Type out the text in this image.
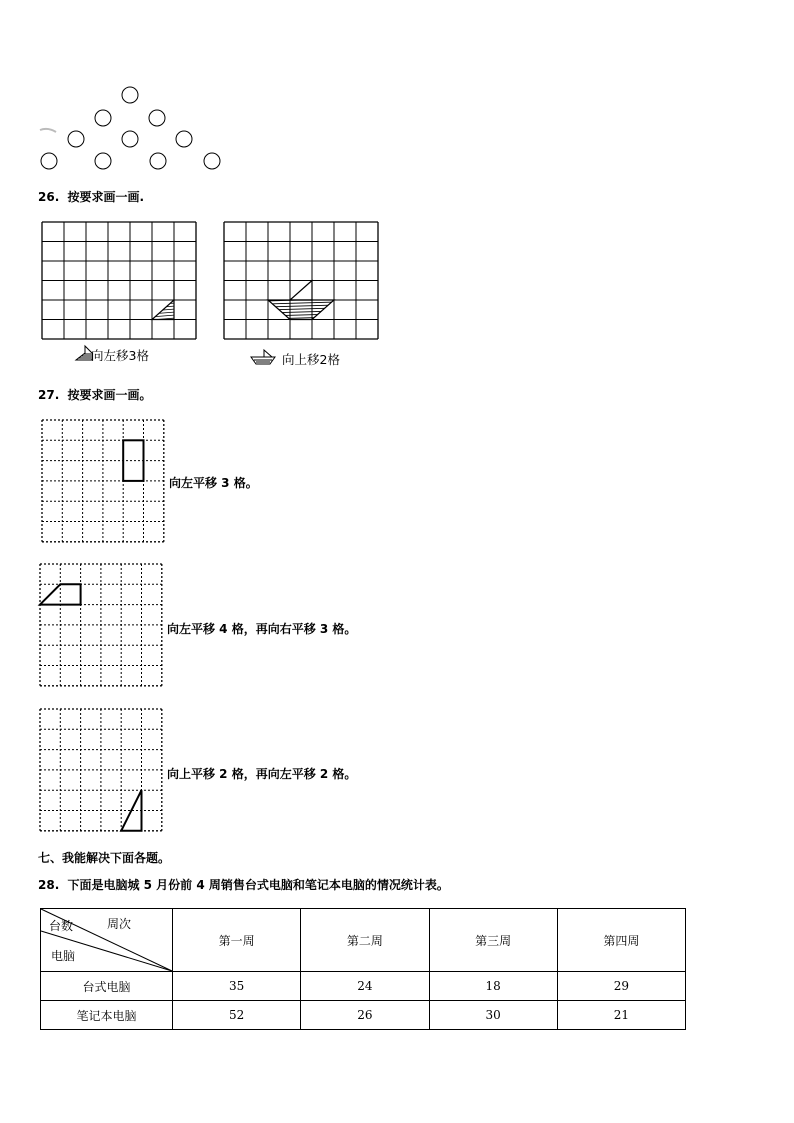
26. 按要求画一画.
向左移3格	向上移2格
27. 按要求画一画。
向左平移 3 格。
向左平移 4 格，再向右平移 3 格。
向上平移 2 格，再向左平移 2 格。
七、我能解决下面各题。
28. 下面是电脑城 5 月份前 4 周销售台式电脑和笔记本电脑的情况统计表。
周次
台数
电脑	第一周	第二周	第三周	第四周
台式电脑	35	24	18	29
笔记本电脑	52	26	30	21
